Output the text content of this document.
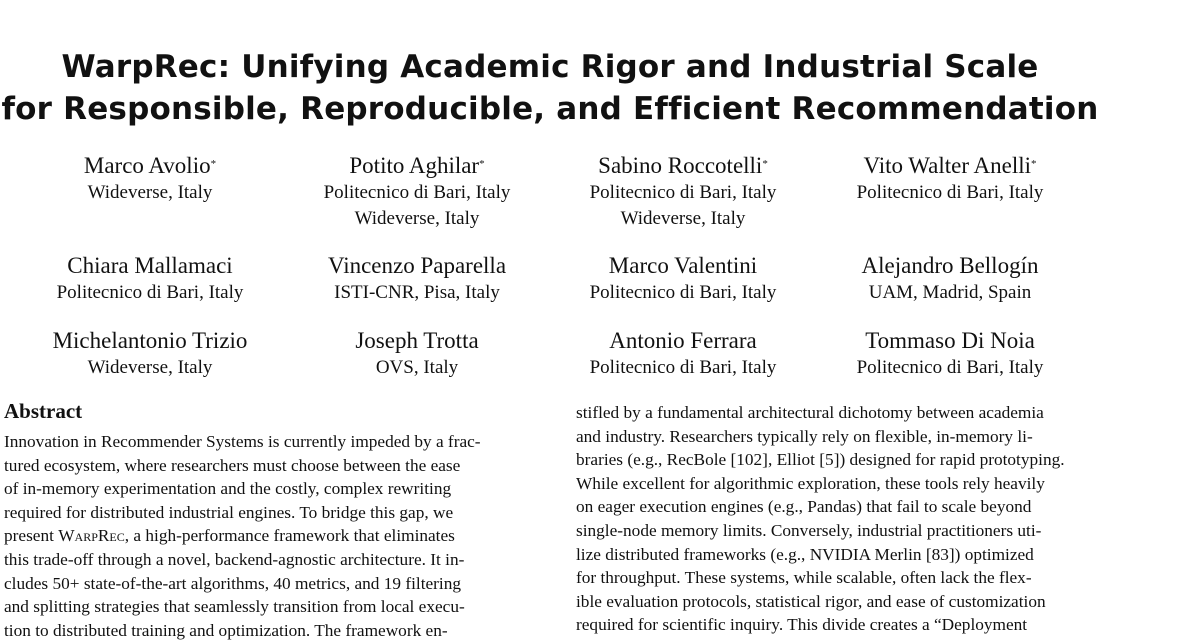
WarpRec: Unifying Academic Rigor and Industrial Scale
for Responsible, Reproducible, and Efficient Recommendation
Marco Avolio*
Wideverse, Italy
Potito Aghilar*
Politecnico di Bari, Italy
Wideverse, Italy
Sabino Roccotelli*
Politecnico di Bari, Italy
Wideverse, Italy
Vito Walter Anelli*
Politecnico di Bari, Italy
Chiara Mallamaci
Politecnico di Bari, Italy
Vincenzo Paparella
ISTI-CNR, Pisa, Italy
Marco Valentini
Politecnico di Bari, Italy
Alejandro Bellogín
UAM, Madrid, Spain
Michelantonio Trizio
Wideverse, Italy
Joseph Trotta
OVS, Italy
Antonio Ferrara
Politecnico di Bari, Italy
Tommaso Di Noia
Politecnico di Bari, Italy
Abstract
Innovation in Recommender Systems is currently impeded by a frac-
tured ecosystem, where researchers must choose between the ease
of in-memory experimentation and the costly, complex rewriting
required for distributed industrial engines. To bridge this gap, we
present WarpRec, a high-performance framework that eliminates
this trade-off through a novel, backend-agnostic architecture. It in-
cludes 50+ state-of-the-art algorithms, 40 metrics, and 19 filtering
and splitting strategies that seamlessly transition from local execu-
tion to distributed training and optimization. The framework en-
stifled by a fundamental architectural dichotomy between academia
and industry. Researchers typically rely on flexible, in-memory li-
braries (e.g., RecBole [102], Elliot [5]) designed for rapid prototyping.
While excellent for algorithmic exploration, these tools rely heavily
on eager execution engines (e.g., Pandas) that fail to scale beyond
single-node memory limits. Conversely, industrial practitioners uti-
lize distributed frameworks (e.g., NVIDIA Merlin [83]) optimized
for throughput. These systems, while scalable, often lack the flex-
ible evaluation protocols, statistical rigor, and ease of customization
required for scientific inquiry. This divide creates a “Deployment
